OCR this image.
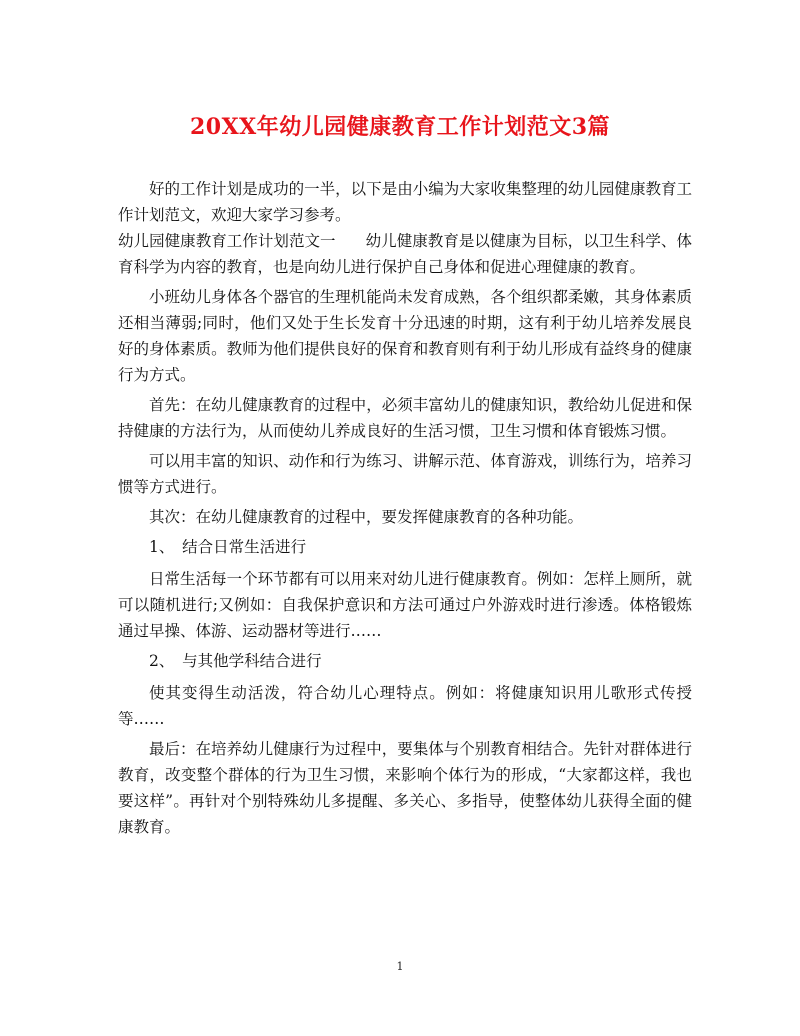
20XX年幼儿园健康教育工作计划范文3篇

好的工作计划是成功的一半，以下是由小编为大家收集整理的幼儿园健康教育工作计划范文，欢迎大家学习参考。

幼儿园健康教育工作计划范文一 幼儿健康教育是以健康为目标，以卫生科学、体育科学为内容的教育，也是向幼儿进行保护自己身体和促进心理健康的教育。

小班幼儿身体各个器官的生理机能尚未发育成熟，各个组织都柔嫩，其身体素质还相当薄弱;同时，他们又处于生长发育十分迅速的时期，这有利于幼儿培养发展良好的身体素质。教师为他们提供良好的保育和教育则有利于幼儿形成有益终身的健康行为方式。

首先：在幼儿健康教育的过程中，必须丰富幼儿的健康知识，教给幼儿促进和保持健康的方法行为，从而使幼儿养成良好的生活习惯，卫生习惯和体育锻炼习惯。

可以用丰富的知识、动作和行为练习、讲解示范、体育游戏，训练行为，培养习惯等方式进行。

其次：在幼儿健康教育的过程中，要发挥健康教育的各种功能。

1、　结合日常生活进行

日常生活每一个环节都有可以用来对幼儿进行健康教育。例如：怎样上厕所，就可以随机进行;又例如：自我保护意识和方法可通过户外游戏时进行渗透。体格锻炼通过早操、体游、运动器材等进行……

2、　与其他学科结合进行

使其变得生动活泼，符合幼儿心理特点。例如：将健康知识用儿歌形式传授等……

最后：在培养幼儿健康行为过程中，要集体与个别教育相结合。先针对群体进行教育，改变整个群体的行为卫生习惯，来影响个体行为的形成，“大家都这样，我也要这样”。再针对个别特殊幼儿多提醒、多关心、多指导，使整体幼儿获得全面的健康教育。

1
